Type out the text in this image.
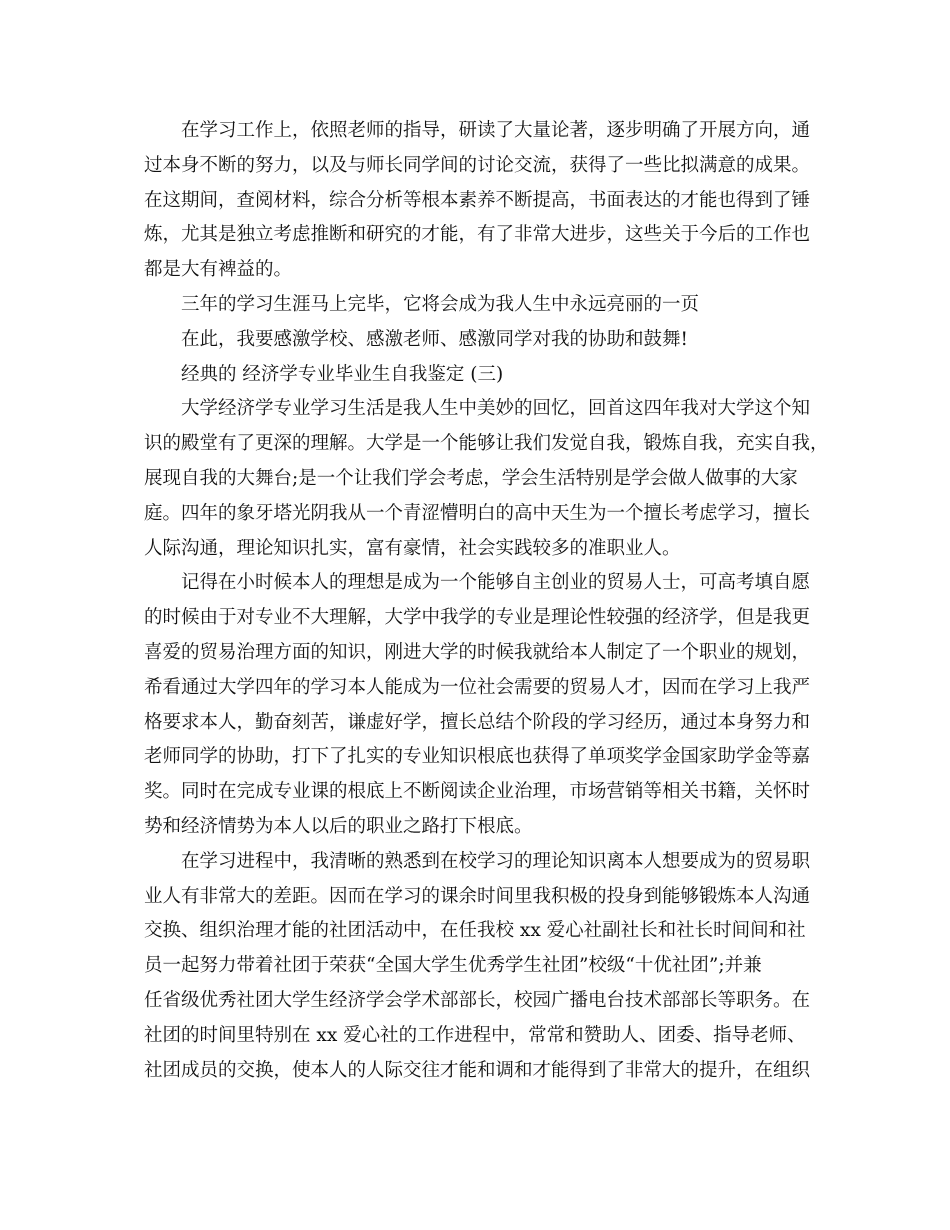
在学习工作上，依照老师的指导，研读了大量论著，逐步明确了开展方向，通
过本身不断的努力，以及与师长同学间的讨论交流，获得了一些比拟满意的成果。
在这期间，查阅材料，综合分析等根本素养不断提高，书面表达的才能也得到了锤
炼，尤其是独立考虑推断和研究的才能，有了非常大进步，这些关于今后的工作也
都是大有裨益的。
三年的学习生涯马上完毕，它将会成为我人生中永远亮丽的一页
在此，我要感激学校、感激老师、感激同学对我的协助和鼓舞!
经典的 经济学专业毕业生自我鉴定 (三)
大学经济学专业学习生活是我人生中美妙的回忆，回首这四年我对大学这个知
识的殿堂有了更深的理解。大学是一个能够让我们发觉自我，锻炼自我，充实自我，
展现自我的大舞台;是一个让我们学会考虑，学会生活特别是学会做人做事的大家
庭。四年的象牙塔光阴我从一个青涩懵明白的高中天生为一个擅长考虑学习，擅长
人际沟通，理论知识扎实，富有豪情，社会实践较多的准职业人。
记得在小时候本人的理想是成为一个能够自主创业的贸易人士，可高考填自愿
的时候由于对专业不大理解，大学中我学的专业是理论性较强的经济学，但是我更
喜爱的贸易治理方面的知识，刚进大学的时候我就给本人制定了一个职业的规划，
希看通过大学四年的学习本人能成为一位社会需要的贸易人才，因而在学习上我严
格要求本人，勤奋刻苦，谦虚好学，擅长总结个阶段的学习经历，通过本身努力和
老师同学的协助，打下了扎实的专业知识根底也获得了单项奖学金国家助学金等嘉
奖。同时在完成专业课的根底上不断阅读企业治理，市场营销等相关书籍，关怀时
势和经济情势为本人以后的职业之路打下根底。
在学习进程中，我清晰的熟悉到在校学习的理论知识离本人想要成为的贸易职
业人有非常大的差距。因而在学习的课余时间里我积极的投身到能够锻炼本人沟通
交换、组织治理才能的社团活动中，在任我校 xx 爱心社副社长和社长时间间和社
员一起努力带着社团于荣获“全国大学生优秀学生社团”校级“十优社团”;并兼
任省级优秀社团大学生经济学会学术部部长，校园广播电台技术部部长等职务。在
社团的时间里特别在 xx 爱心社的工作进程中，常常和赞助人、团委、指导老师、
社团成员的交换，使本人的人际交往才能和调和才能得到了非常大的提升，在组织
